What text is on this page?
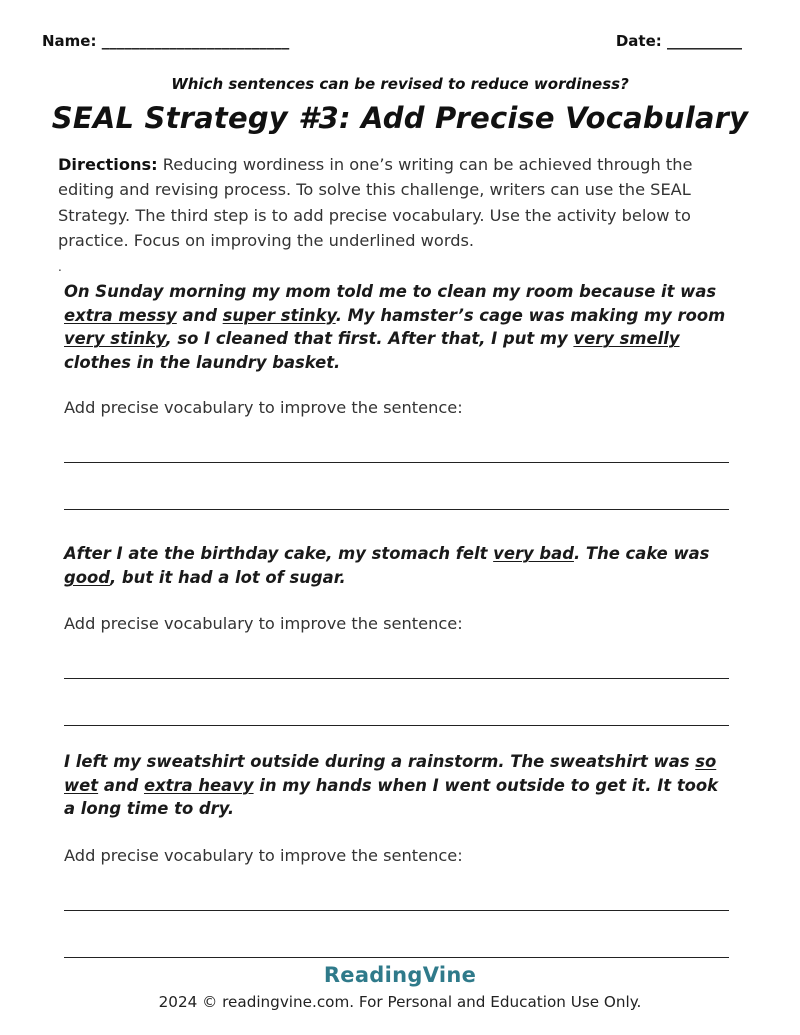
Name: _________________________	Date: __________
Which sentences can be revised to reduce wordiness?
SEAL Strategy #3: Add Precise Vocabulary
Directions: Reducing wordiness in one’s writing can be achieved through the editing and revising process. To solve this challenge, writers can use the SEAL Strategy. The third step is to add precise vocabulary. Use the activity below to practice. Focus on improving the underlined words.
.
On Sunday morning my mom told me to clean my room because it was extra messy and super stinky. My hamster’s cage was making my room very stinky, so I cleaned that first. After that, I put my very smelly clothes in the laundry basket.
Add precise vocabulary to improve the sentence:
After I ate the birthday cake, my stomach felt very bad. The cake was good, but it had a lot of sugar.
Add precise vocabulary to improve the sentence:
I left my sweatshirt outside during a rainstorm. The sweatshirt was so wet and extra heavy in my hands when I went outside to get it. It took a long time to dry.
Add precise vocabulary to improve the sentence:
ReadingVine
2024 © readingvine.com. For Personal and Education Use Only.
